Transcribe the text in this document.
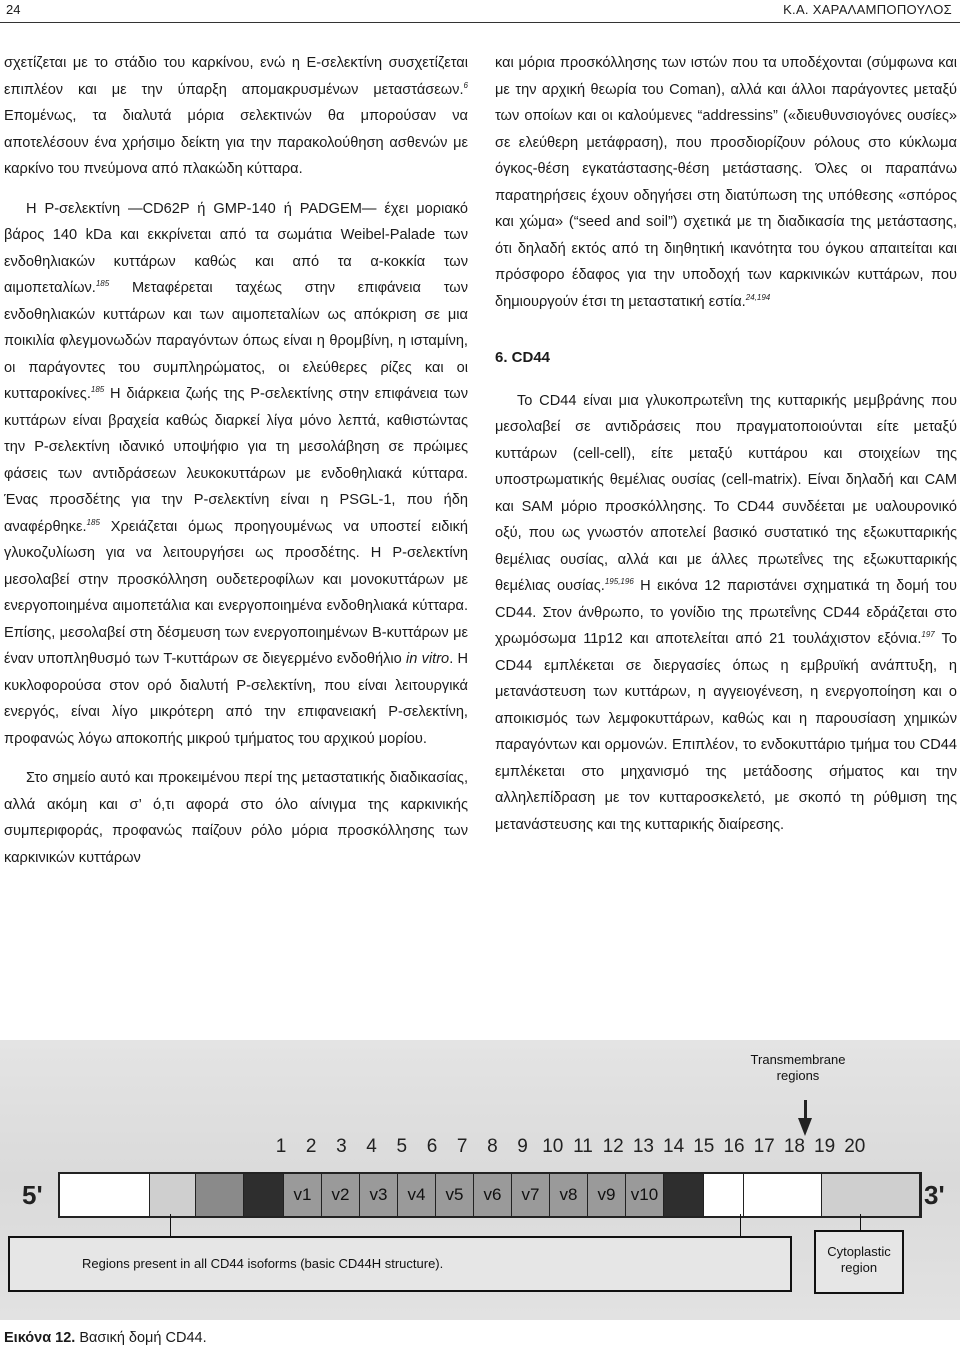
24	Κ.Α. ΧΑΡΑΛΑΜΠΟΠΟΥΛΟΣ

σχετίζεται με το στάδιο του καρκίνου, ενώ η E-σελεκτίνη συσχετίζεται επιπλέον και με την ύπαρξη απομακρυσμένων μεταστάσεων.$^6$ Επομένως, τα διαλυτά μόρια σελεκτινών θα μπορούσαν να αποτελέσουν ένα χρήσιμο δείκτη για την παρακολούθηση ασθενών με καρκίνο του πνεύμονα από πλακώδη κύτταρα.

Η P-σελεκτίνη —CD62P ή GMP-140 ή PADGEM— έχει μοριακό βάρος 140 kDa και εκκρίνεται από τα σωμάτια Weibel-Palade των ενδοθηλιακών κυττάρων καθώς και από τα α-κοκκία των αιμοπεταλίων.$^{185}$ Μεταφέρεται ταχέως στην επιφάνεια των ενδοθηλιακών κυττάρων και των αιμοπεταλίων ως απόκριση σε μια ποικιλία φλεγμονωδών παραγόντων όπως είναι η θρομβίνη, η ισταμίνη, οι παράγοντες του συμπληρώματος, οι ελεύθερες ρίζες και οι κυτταροκίνες.$^{185}$ Η διάρκεια ζωής της P-σελεκτίνης στην επιφάνεια των κυττάρων είναι βραχεία καθώς διαρκεί λίγα μόνο λεπτά, καθιστώντας την P-σελεκτίνη ιδανικό υποψήφιο για τη μεσολάβηση σε πρώιμες φάσεις των αντιδράσεων λευκοκυττάρων με ενδοθηλιακά κύτταρα. Ένας προσδέτης για την P-σελεκτίνη είναι η PSGL-1, που ήδη αναφέρθηκε.$^{185}$ Χρειάζεται όμως προηγουμένως να υποστεί ειδική γλυκοζυλίωση για να λειτουργήσει ως προσδέτης. Η P-σελεκτίνη μεσολαβεί στην προσκόλληση ουδετεροφίλων και μονοκυττάρων με ενεργοποιημένα αιμοπετάλια και ενεργοποιημένα ενδοθηλιακά κύτταρα. Επίσης, μεσολαβεί στη δέσμευση των ενεργοποιημένων B-κυττάρων με έναν υποπληθυσμό των T-κυττάρων σε διεγερμένο ενδοθήλιο in vitro. Η κυκλοφορούσα στον ορό διαλυτή P-σελεκτίνη, που είναι λειτουργικά ενεργός, είναι λίγο μικρότερη από την επιφανειακή P-σελεκτίνη, προφανώς λόγω αποκοπής μικρού τμήματος του αρχικού μορίου.

Στο σημείο αυτό και προκειμένου περί της μεταστατικής διαδικασίας, αλλά ακόμη και σ’ ό,τι αφορά στο όλο αίνιγμα της καρκινικής συμπεριφοράς, προφανώς παίζουν ρόλο μόρια προσκόλλησης των καρκινικών κυττάρων

και μόρια προσκόλλησης των ιστών που τα υποδέχονται (σύμφωνα και με την αρχική θεωρία του Coman), αλλά και άλλοι παράγοντες μεταξύ των οποίων και οι καλούμενες “addressins” («διευθυνσιογόνες ουσίες» σε ελεύθερη μετάφραση), που προσδιορίζουν ρόλους στο κύκλωμα όγκος-θέση εγκατάστασης-θέση μετάστασης. Όλες οι παραπάνω παρατηρήσεις έχουν οδηγήσει στη διατύπωση της υπόθεσης «σπόρος και χώμα» (“seed and soil”) σχετικά με τη διαδικασία της μετάστασης, ότι δηλαδή εκτός από τη διηθητική ικανότητα του όγκου απαιτείται και πρόσφορο έδαφος για την υποδοχή των καρκινικών κυττάρων, που δημιουργούν έτσι τη μεταστατική εστία.$^{24,194}$

6. CD44

Το CD44 είναι μια γλυκοπρωτεΐνη της κυτταρικής μεμβράνης που μεσολαβεί σε αντιδράσεις που πραγματοποιούνται είτε μεταξύ κυττάρων (cell-cell), είτε μεταξύ κυττάρου και στοιχείων της υποστρωματικής θεμέλιας ουσίας (cell-matrix). Είναι δηλαδή και CAM και SAM μόριο προσκόλλησης. Το CD44 συνδέεται με υαλουρονικό οξύ, που ως γνωστόν αποτελεί βασικό συστατικό της εξωκυτταρικής θεμέλιας ουσίας, αλλά και με άλλες πρωτεΐνες της εξωκυτταρικής θεμέλιας ουσίας.$^{195,196}$ Η εικόνα 12 παριστάνει σχηματικά τη δομή του CD44. Στον άνθρωπο, το γονίδιο της πρωτεΐνης CD44 εδράζεται στο χρωμόσωμα 11p12 και αποτελείται από 21 τουλάχιστον εξόνια.$^{197}$ Το CD44 εμπλέκεται σε διεργασίες όπως η εμβρυϊκή ανάπτυξη, η μετανάστευση των κυττάρων, η αγγειογένεση, η ενεργοποίηση και ο αποικισμός των λεμφοκυττάρων, καθώς και η παρουσίαση χημικών παραγόντων και ορμονών. Επιπλέον, το ενδοκυττάριο τμήμα του CD44 εμπλέκεται στο μηχανισμό της μετάδοσης σήματος και την αλληλεπίδραση με τον κυτταροσκελετό, με σκοπό τη ρύθμιση της μετανάστευσης και της κυτταρικής διαίρεσης.

Transmembrane regions
1	2	3	4	5	6	7	8	9 10 11 12 13 14 15 16 17 18 19 20
5'	3'
v1	v2	v3	v4	v5	v6	v7	v8	v9 v10
Regions present in all CD44 isoforms (basic CD44H structure).
Cytoplastic region
Εικόνα 12. Βασική δομή CD44.
